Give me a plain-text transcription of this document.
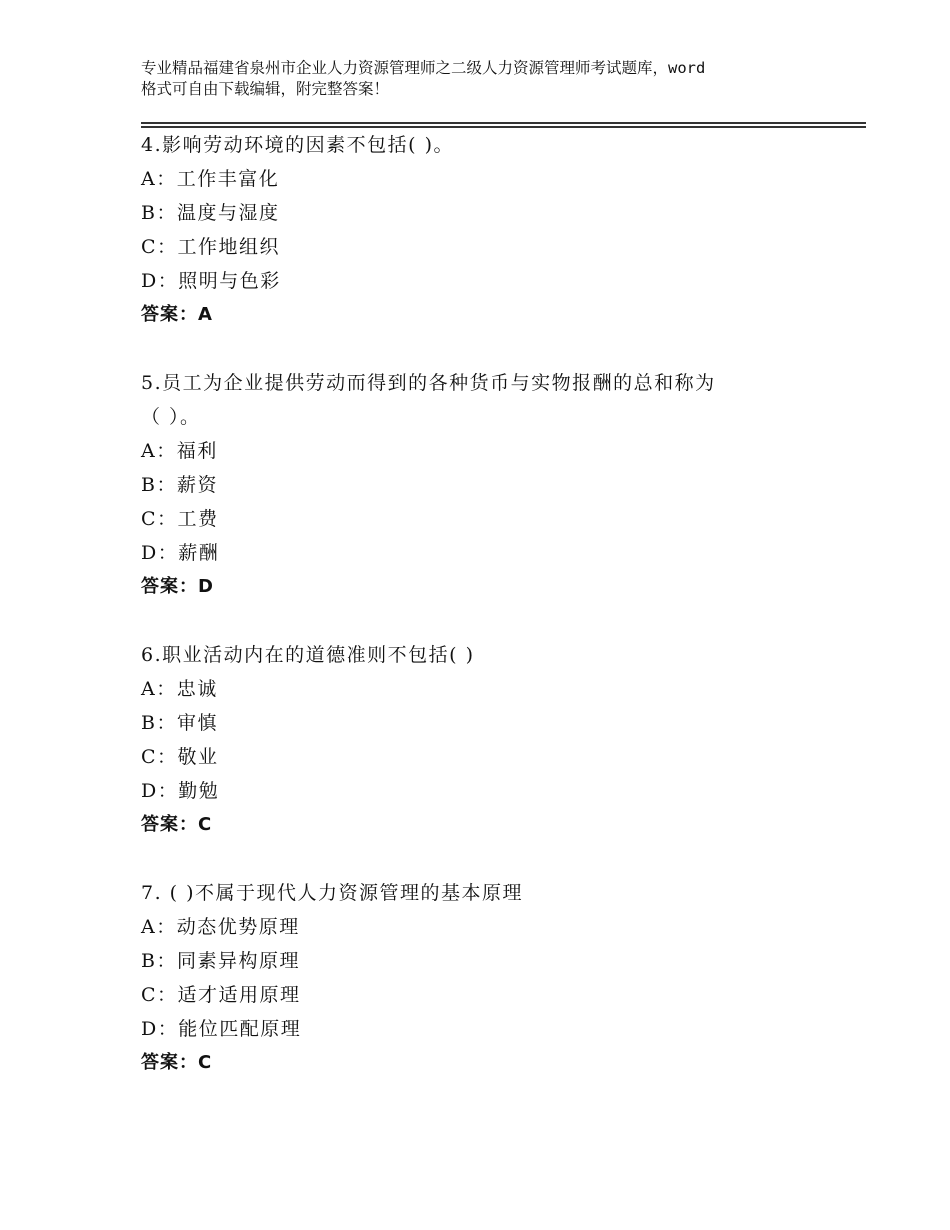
专业精品福建省泉州市企业人力资源管理师之二级人力资源管理师考试题库，word
格式可自由下载编辑，附完整答案！
4.影响劳动环境的因素不包括( )。
A：工作丰富化
B：温度与湿度
C：工作地组织
D：照明与色彩
答案：A
5.员工为企业提供劳动而得到的各种货币与实物报酬的总和称为
（ ）。
A：福利
B：薪资
C：工费
D：薪酬
答案：D
6.职业活动内在的道德准则不包括( )
A：忠诚
B：审慎
C：敬业
D：勤勉
答案：C
7. ( )不属于现代人力资源管理的基本原理
A：动态优势原理
B：同素异构原理
C：适才适用原理
D：能位匹配原理
答案：C
